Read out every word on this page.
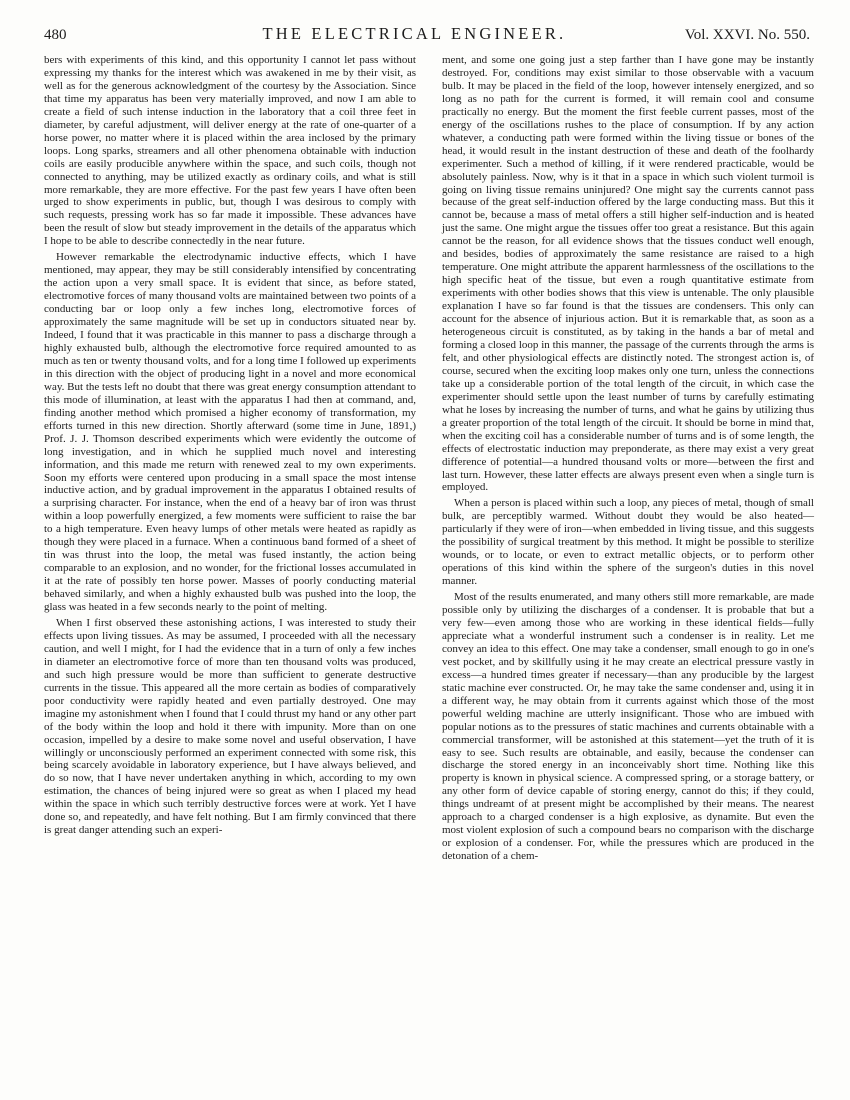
480	THE ELECTRICAL ENGINEER.	Vol. XXVI. No. 550.

bers with experiments of this kind, and this opportunity I cannot let pass without expressing my thanks for the interest which was awakened in me by their visit, as well as for the generous acknowledgment of the courtesy by the Association. Since that time my apparatus has been very materially improved, and now I am able to create a field of such intense induction in the laboratory that a coil three feet in diameter, by careful adjustment, will deliver energy at the rate of one-quarter of a horse power, no matter where it is placed within the area inclosed by the primary loops. Long sparks, streamers and all other phenomena obtainable with induction coils are easily producible anywhere within the space, and such coils, though not connected to anything, may be utilized exactly as ordinary coils, and what is still more remarkable, they are more effective. For the past few years I have often been urged to show experiments in public, but, though I was desirous to comply with such requests, pressing work has so far made it impossible. These advances have been the result of slow but steady improvement in the details of the apparatus which I hope to be able to describe connectedly in the near future.

However remarkable the electrodynamic inductive effects, which I have mentioned, may appear, they may be still considerably intensified by concentrating the action upon a very small space. It is evident that since, as before stated, electromotive forces of many thousand volts are maintained between two points of a conducting bar or loop only a few inches long, electromotive forces of approximately the same magnitude will be set up in conductors situated near by. Indeed, I found that it was practicable in this manner to pass a discharge through a highly exhausted bulb, although the electromotive force required amounted to as much as ten or twenty thousand volts, and for a long time I followed up experiments in this direction with the object of producing light in a novel and more economical way. But the tests left no doubt that there was great energy consumption attendant to this mode of illumination, at least with the apparatus I had then at command, and, finding another method which promised a higher economy of transformation, my efforts turned in this new direction. Shortly afterward (some time in June, 1891,) Prof. J. J. Thomson described experiments which were evidently the outcome of long investigation, and in which he supplied much novel and interesting information, and this made me return with renewed zeal to my own experiments. Soon my efforts were centered upon producing in a small space the most intense inductive action, and by gradual improvement in the apparatus I obtained results of a surprising character. For instance, when the end of a heavy bar of iron was thrust within a loop powerfully energized, a few moments were sufficient to raise the bar to a high temperature. Even heavy lumps of other metals were heated as rapidly as though they were placed in a furnace. When a continuous band formed of a sheet of tin was thrust into the loop, the metal was fused instantly, the action being comparable to an explosion, and no wonder, for the frictional losses accumulated in it at the rate of possibly ten horse power. Masses of poorly conducting material behaved similarly, and when a highly exhausted bulb was pushed into the loop, the glass was heated in a few seconds nearly to the point of melting.

When I first observed these astonishing actions, I was interested to study their effects upon living tissues. As may be assumed, I proceeded with all the necessary caution, and well I might, for I had the evidence that in a turn of only a few inches in diameter an electromotive force of more than ten thousand volts was produced, and such high pressure would be more than sufficient to generate destructive currents in the tissue. This appeared all the more certain as bodies of comparatively poor conductivity were rapidly heated and even partially destroyed. One may imagine my astonishment when I found that I could thrust my hand or any other part of the body within the loop and hold it there with impunity. More than on one occasion, impelled by a desire to make some novel and useful observation, I have willingly or unconsciously performed an experiment connected with some risk, this being scarcely avoidable in laboratory experience, but I have always believed, and do so now, that I have never undertaken anything in which, according to my own estimation, the chances of being injured were so great as when I placed my head within the space in which such terribly destructive forces were at work. Yet I have done so, and repeatedly, and have felt nothing. But I am firmly convinced that there is great danger attending such an experi-

ment, and some one going just a step farther than I have gone may be instantly destroyed. For, conditions may exist similar to those observable with a vacuum bulb. It may be placed in the field of the loop, however intensely energized, and so long as no path for the current is formed, it will remain cool and consume practically no energy. But the moment the first feeble current passes, most of the energy of the oscillations rushes to the place of consumption. If by any action whatever, a conducting path were formed within the living tissue or bones of the head, it would result in the instant destruction of these and death of the foolhardy experimenter. Such a method of killing, if it were rendered practicable, would be absolutely painless. Now, why is it that in a space in which such violent turmoil is going on living tissue remains uninjured? One might say the currents cannot pass because of the great self-induction offered by the large conducting mass. But this it cannot be, because a mass of metal offers a still higher self-induction and is heated just the same. One might argue the tissues offer too great a resistance. But this again cannot be the reason, for all evidence shows that the tissues conduct well enough, and besides, bodies of approximately the same resistance are raised to a high temperature. One might attribute the apparent harmlessness of the oscillations to the high specific heat of the tissue, but even a rough quantitative estimate from experiments with other bodies shows that this view is untenable. The only plausible explanation I have so far found is that the tissues are condensers. This only can account for the absence of injurious action. But it is remarkable that, as soon as a heterogeneous circuit is constituted, as by taking in the hands a bar of metal and forming a closed loop in this manner, the passage of the currents through the arms is felt, and other physiological effects are distinctly noted. The strongest action is, of course, secured when the exciting loop makes only one turn, unless the connections take up a considerable portion of the total length of the circuit, in which case the experimenter should settle upon the least number of turns by carefully estimating what he loses by increasing the number of turns, and what he gains by utilizing thus a greater proportion of the total length of the circuit. It should be borne in mind that, when the exciting coil has a considerable number of turns and is of some length, the effects of electrostatic induction may preponderate, as there may exist a very great difference of potential—a hundred thousand volts or more—between the first and last turn. However, these latter effects are always present even when a single turn is employed.

When a person is placed within such a loop, any pieces of metal, though of small bulk, are perceptibly warmed. Without doubt they would be also heated—particularly if they were of iron—when embedded in living tissue, and this suggests the possibility of surgical treatment by this method. It might be possible to sterilize wounds, or to locate, or even to extract metallic objects, or to perform other operations of this kind within the sphere of the surgeon's duties in this novel manner.

Most of the results enumerated, and many others still more remarkable, are made possible only by utilizing the discharges of a condenser. It is probable that but a very few—even among those who are working in these identical fields—fully appreciate what a wonderful instrument such a condenser is in reality. Let me convey an idea to this effect. One may take a condenser, small enough to go in one's vest pocket, and by skillfully using it he may create an electrical pressure vastly in excess—a hundred times greater if necessary—than any producible by the largest static machine ever constructed. Or, he may take the same condenser and, using it in a different way, he may obtain from it currents against which those of the most powerful welding machine are utterly insignificant. Those who are imbued with popular notions as to the pressures of static machines and currents obtainable with a commercial transformer, will be astonished at this statement—yet the truth of it is easy to see. Such results are obtainable, and easily, because the condenser can discharge the stored energy in an inconceivably short time. Nothing like this property is known in physical science. A compressed spring, or a storage battery, or any other form of device capable of storing energy, cannot do this; if they could, things undreamt of at present might be accomplished by their means. The nearest approach to a charged condenser is a high explosive, as dynamite. But even the most violent explosion of such a compound bears no comparison with the discharge or explosion of a condenser. For, while the pressures which are produced in the detonation of a chem-
